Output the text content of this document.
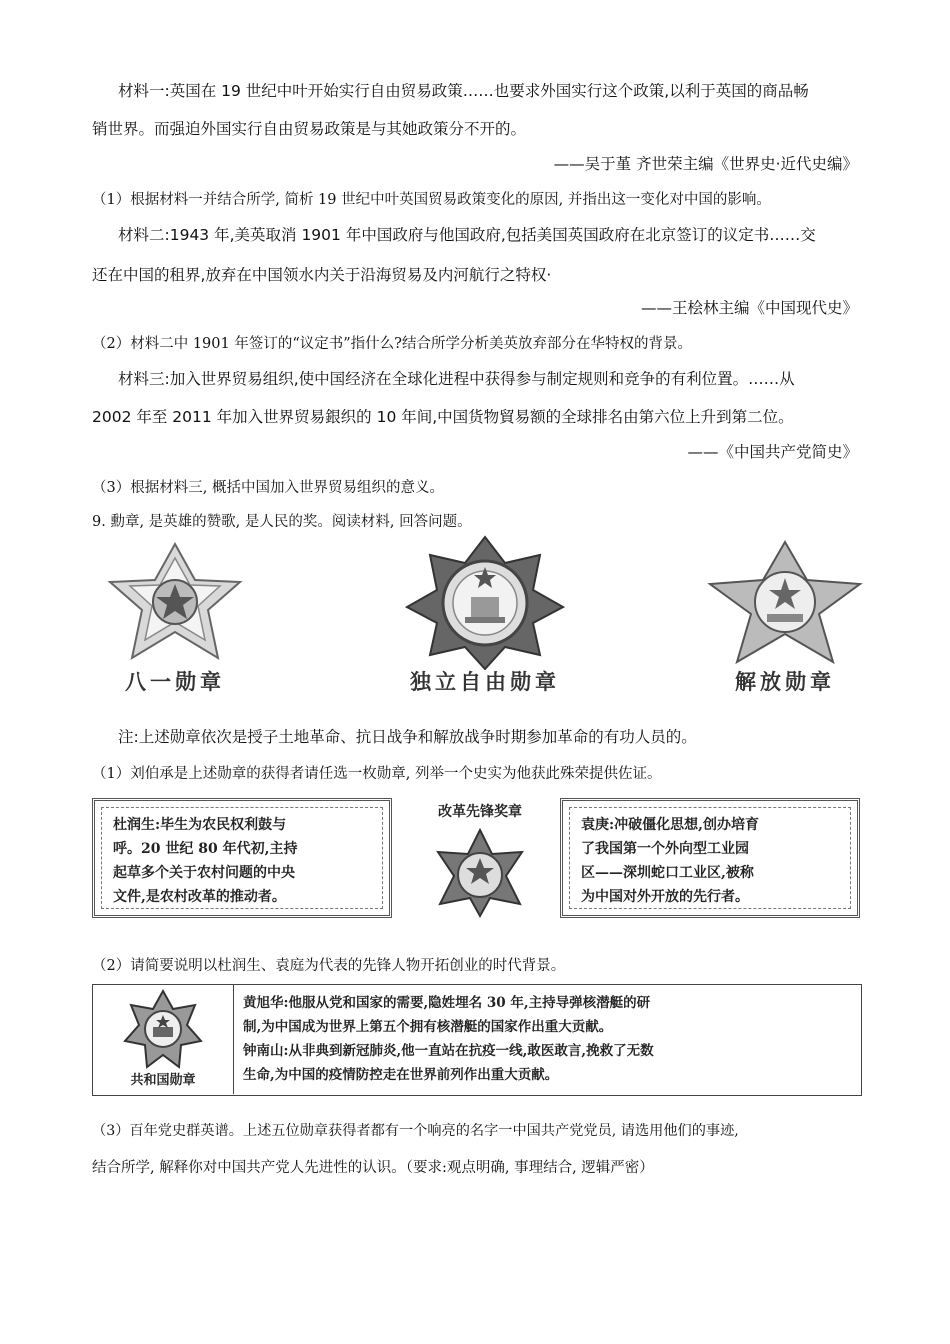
材料一:英国在 19 世纪中叶开始实行自由贸易政策……也要求外国实行这个政策,以利于英国的商品畅
销世界。而强迫外国实行自由贸易政策是与其她政策分不开的。
——吴于堇 齐世荣主编《世界史·近代史编》
（1）根据材料一并结合所学, 简析 19 世纪中叶英国贸易政策变化的原因, 并指出这一变化对中国的影响。
材料二:1943 年,美英取消 1901 年中国政府与他国政府,包括美国英国政府在北京签订的议定书……交
还在中国的租界,放弃在中国领水内关于沿海贸易及内河航行之特权·
——王桧林主编《中国现代史》
（2）材料二中 1901 年签订的“议定书”指什么?结合所学分析美英放弃部分在华特权的背景。
材料三:加入世界贸易组织,使中国经济在全球化进程中获得参与制定规则和竞争的有利位置。……从
2002 年至 2011 年加入世界贸易銀织的 10 年间,中国货物貿易额的全球排名由第六位上升到第二位。
——《中国共产党简史》
（3）根据材料三, 概括中国加入世界贸易组织的意义。
9. 勳章, 是英雄的赞歌, 是人民的奖。阅读材料, 回答问题。
八一勋章	独立自由勋章	解放勋章
注:上述勋章依次是授子土地革命、抗日战争和解放战争时期参加革命的有功人员的。
（1）刘伯承是上述勋章的获得者请任选一枚勋章, 列举一个史实为他获此殊荣提供佐证。
杜润生:毕生为农民权利鼓与
呼。20 世纪 80 年代初,主持
起草多个关于农村问题的中央
文件,是农村改革的推动者。
改革先锋奖章
袁庚:冲破僵化思想,创办培育
了我国第一个外向型工业园
区——深圳蛇口工业区,被称
为中国对外开放的先行者。
（2）请简要说明以杜润生、袁庭为代表的先锋人物开拓创业的时代背景。
共和国勋章
黄旭华:他服从党和国家的需要,隐姓埋名 30 年,主持导弹核潜艇的研
制,为中国成为世界上第五个拥有核潜艇的国家作出重大贡献。
钟南山:从非典到新冠肺炎,他一直站在抗疫一线,敢医敢言,挽救了无数
生命,为中国的疫情防控走在世界前列作出重大贡献。
（3）百年党史群英谱。上述五位勋章获得者都有一个响亮的名字一中国共产党党员, 请选用他们的事迹,
结合所学, 解释你对中国共产党人先进性的认识。（要求:观点明确, 事理结合, 逻辑严密）
